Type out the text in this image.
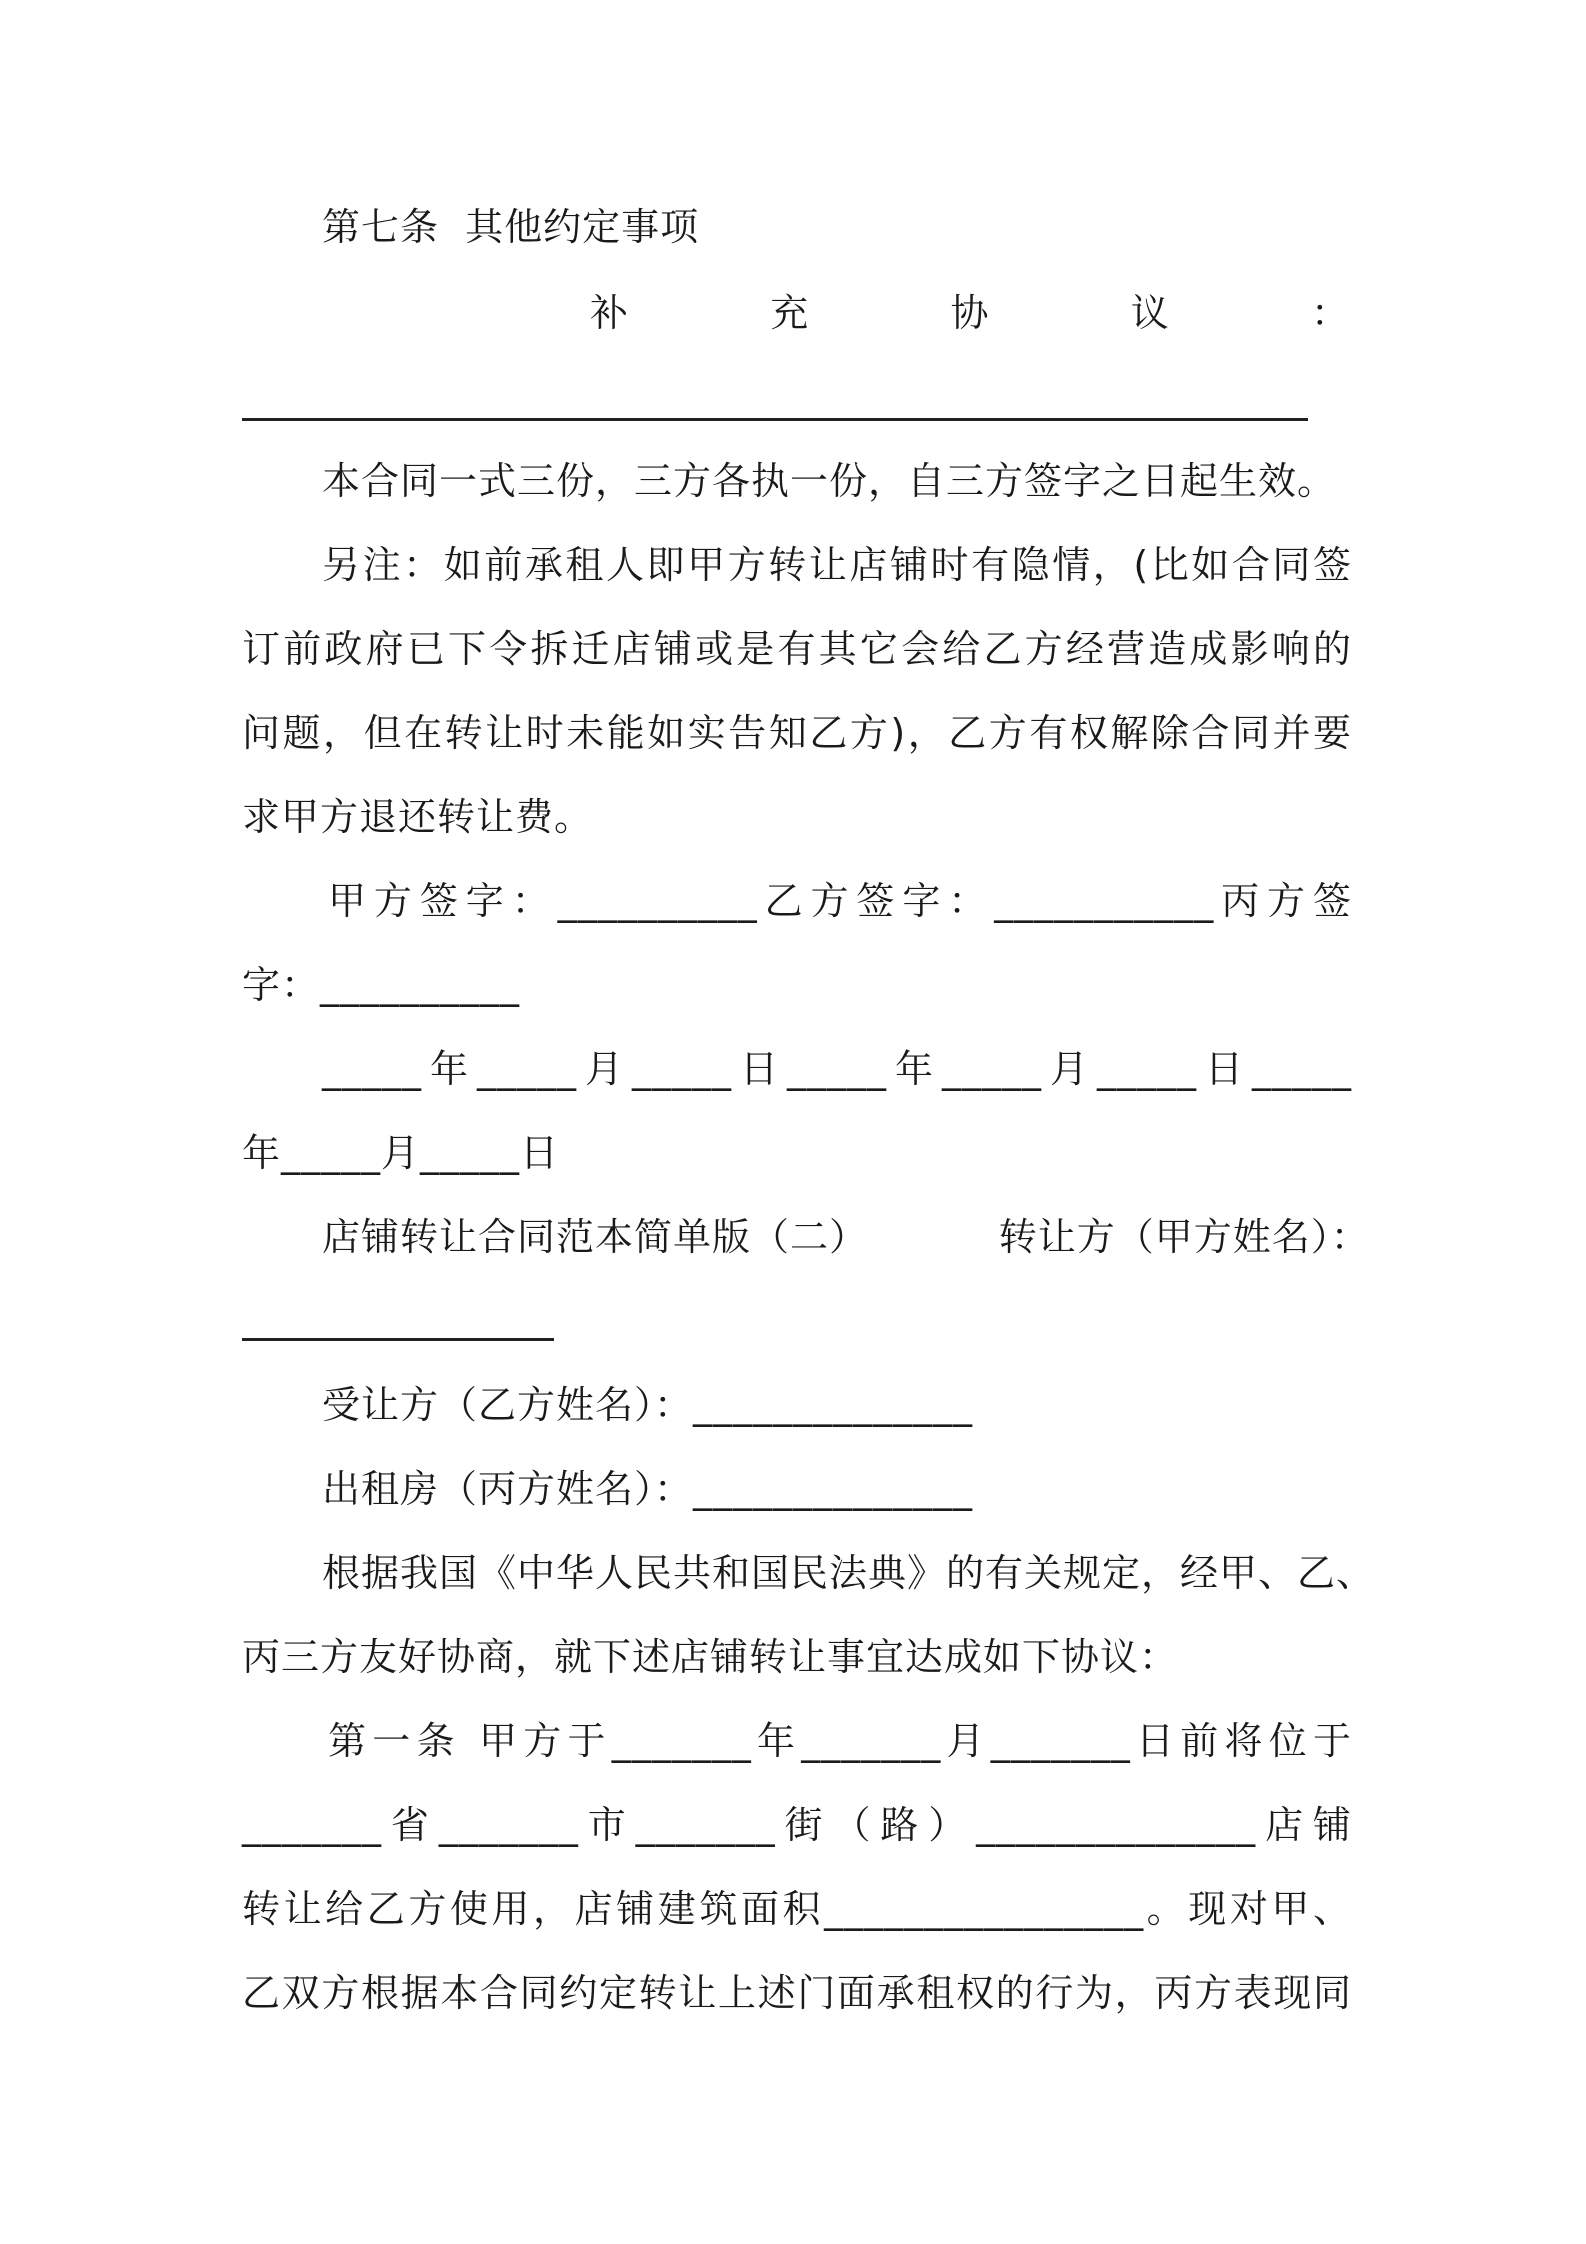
第七条  其他约定事项
补充协议：
本合同一式三份，三方各执一份，自三方签字之日起生效。
另注：如前承租人即甲方转让店铺时有隐情，(比如合同签
订前政府已下令拆迁店铺或是有其它会给乙方经营造成影响的
问题，但在转让时未能如实告知乙方)，乙方有权解除合同并要
求甲方退还转让费。
甲方签字：__________乙方签字：___________丙方签
字：__________
_____年_____月_____日_____年_____月_____日_____
年_____月_____日
店铺转让合同范本简单版（二）          转让方（甲方姓名）：
受让方（乙方姓名）：______________
出租房（丙方姓名）：______________
根据我国《中华人民共和国民法典》的有关规定，经甲、乙、
丙三方友好协商，就下述店铺转让事宜达成如下协议：
第一条 甲方于_______年_______月_______日前将位于
_______省_______市_______街（路）______________店铺
转让给乙方使用，店铺建筑面积________________。现对甲、
乙双方根据本合同约定转让上述门面承租权的行为，丙方表现同
